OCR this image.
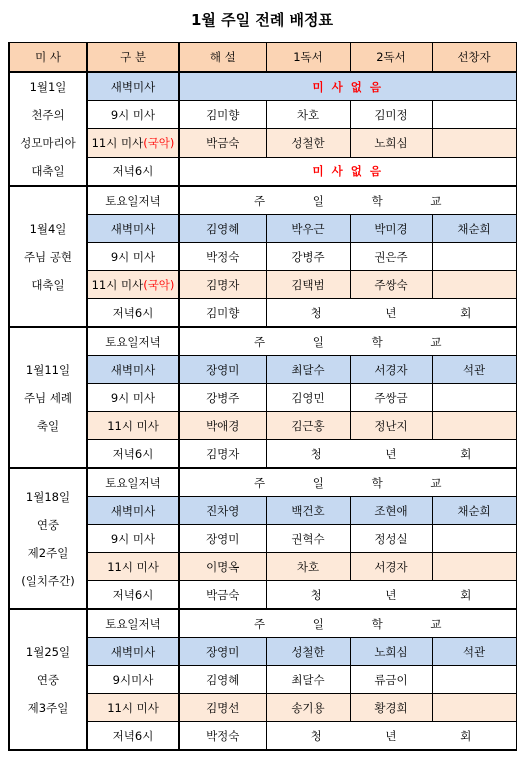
1월 주일 전례 배정표
미 사	구 분	해 설	1독서	2독서	선창자

1월1일
천주의
성모마리아
대축일	새벽미사	미 사 없 음			
	9시 미사	김미향	차호	김미정	
	11시 미사(국악)	박금숙	성철한	노희심	
	저녁6시	미 사 없 음			

1월4일
주님 공현
대축일	토요일저녁	주 일 학 교			
	새벽미사	김영혜	박우근	박미경	채순희
	9시 미사	박정숙	강병주	권은주	
	11시 미사(국악)	김명자	김택범	주쌍숙	
	저녁6시	김미향	청 년 회		

1월11일
주님 세례
축일	토요일저녁	주 일 학 교			
	새벽미사	장영미	최달수	서경자	석관
	9시 미사	강병주	김영민	주쌍금	
	11시 미사	박애경	김근홍	정난지	
	저녁6시	김명자	청 년 회		

1월18일
연중
제2주일
(일치주간)	토요일저녁	주 일 학 교			
	새벽미사	진차영	백건호	조현애	채순희
	9시 미사	장영미	권혁수	정성실	
	11시 미사	이명옥	차호	서경자	
	저녁6시	박금숙	청 년 회		

1월25일
연중
제3주일	토요일저녁	주 일 학 교			
	새벽미사	장영미	성철한	노희심	석관
	9시미사	김영혜	최달수	류금이	
	11시 미사	김명선	송기용	황경희	
	저녁6시	박정숙	청 년 회		
